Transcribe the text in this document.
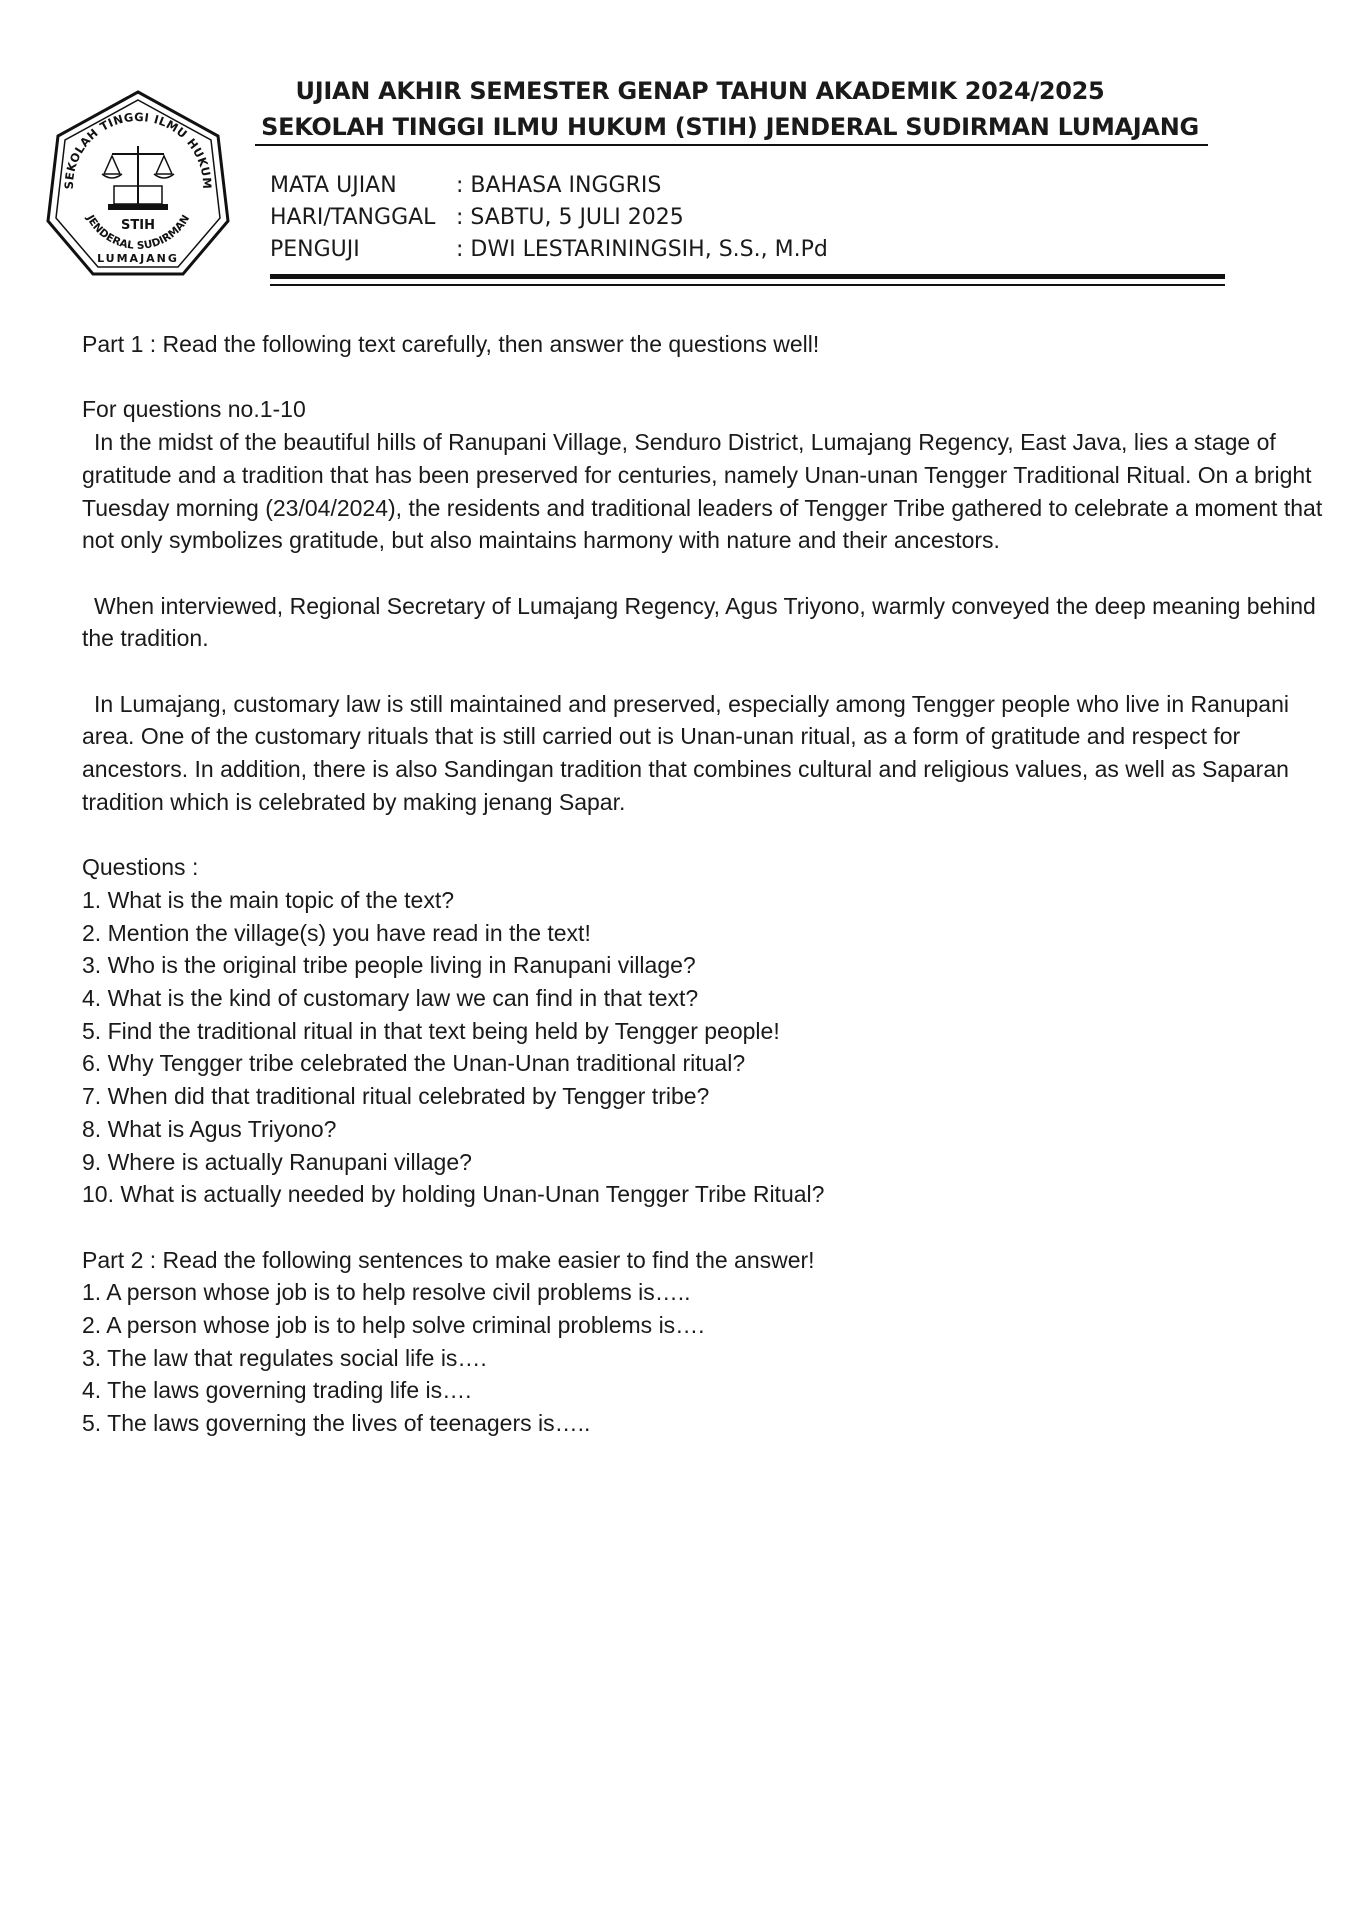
SEKOLAH TINGGI ILMU HUKUM
STIH
JENDERAL SUDIRMAN
LUMAJANG
UJIAN AKHIR SEMESTER GENAP TAHUN AKADEMIK 2024/2025
SEKOLAH TINGGI ILMU HUKUM (STIH) JENDERAL SUDIRMAN LUMAJANG
MATA UJIAN	: BAHASA INGGRIS
HARI/TANGGAL : SABTU, 5 JULI 2025
PENGUJI	: DWI LESTARININGSIH, S.S., M.Pd

Part 1 : Read the following text carefully, then answer the questions well!

For questions no.1-10

In the midst of the beautiful hills of Ranupani Village, Senduro District, Lumajang Regency, East Java, lies a stage of gratitude and a tradition that has been preserved for centuries, namely Unan-unan Tengger Traditional Ritual. On a bright Tuesday morning (23/04/2024), the residents and traditional leaders of Tengger Tribe gathered to celebrate a moment that not only symbolizes gratitude, but also maintains harmony with nature and their ancestors.

When interviewed, Regional Secretary of Lumajang Regency, Agus Triyono, warmly conveyed the deep meaning behind the tradition.

In Lumajang, customary law is still maintained and preserved, especially among Tengger people who live in Ranupani area. One of the customary rituals that is still carried out is Unan-unan ritual, as a form of gratitude and respect for ancestors. In addition, there is also Sandingan tradition that combines cultural and religious values, as well as Saparan tradition which is celebrated by making jenang Sapar.

Questions :

1. What is the main topic of the text?

2. Mention the village(s) you have read in the text!

3. Who is the original tribe people living in Ranupani village?

4. What is the kind of customary law we can find in that text?

5. Find the traditional ritual in that text being held by Tengger people!

6. Why Tengger tribe celebrated the Unan-Unan traditional ritual?

7. When did that traditional ritual celebrated by Tengger tribe?

8. What is Agus Triyono?

9. Where is actually Ranupani village?

10. What is actually needed by holding Unan-Unan Tengger Tribe Ritual?

Part 2 : Read the following sentences to make easier to find the answer!

1. A person whose job is to help resolve civil problems is…..

2. A person whose job is to help solve criminal problems is….

3. The law that regulates social life is….

4. The laws governing trading life is….

5. The laws governing the lives of teenagers is…..
